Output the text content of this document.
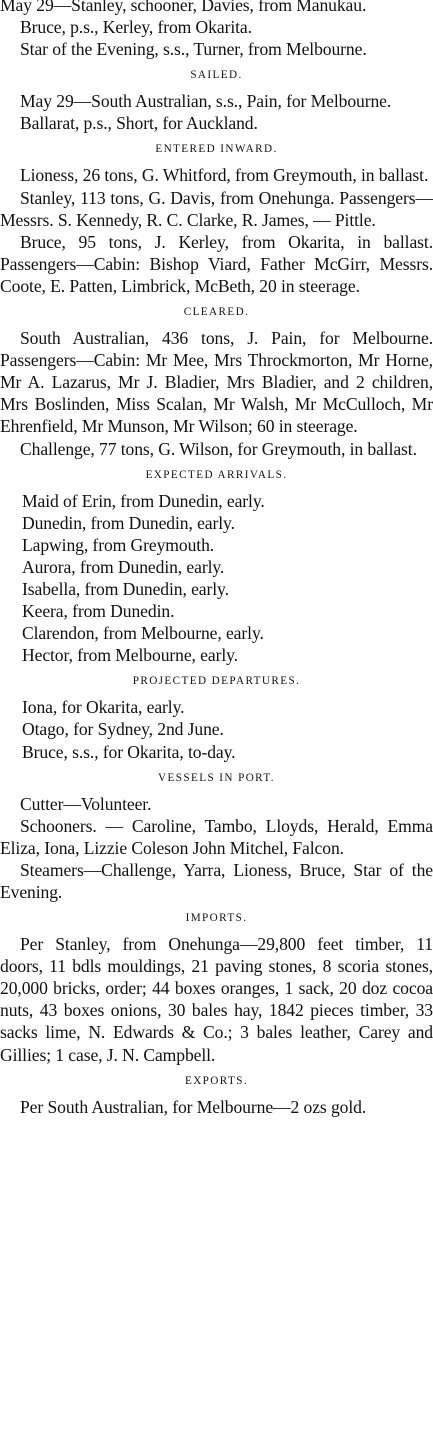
May 29—Stanley, schooner, Davies, from Manukau.

Bruce, p.s., Kerley, from Okarita.

Star of the Evening, s.s., Turner, from Melbourne.

SAILED.

May 29—South Australian, s.s., Pain, for Melbourne.

Ballarat, p.s., Short, for Auckland.

ENTERED INWARD.

Lioness, 26 tons, G. Whitford, from Greymouth, in ballast.

Stanley, 113 tons, G. Davis, from Onehunga. Passengers—Messrs. S. Kennedy, R. C. Clarke, R. James, — Pittle.

Bruce, 95 tons, J. Kerley, from Okarita, in ballast. Passengers—Cabin: Bishop Viard, Father McGirr, Messrs. Coote, E. Patten, Limbrick, McBeth, 20 in steerage.

CLEARED.

South Australian, 436 tons, J. Pain, for Melbourne. Passengers—Cabin: Mr Mee, Mrs Throckmorton, Mr Horne, Mr A. Lazarus, Mr J. Bladier, Mrs Bladier, and 2 children, Mrs Boslinden, Miss Scalan, Mr Walsh, Mr McCulloch, Mr Ehrenfield, Mr Munson, Mr Wilson; 60 in steerage.

Challenge, 77 tons, G. Wilson, for Greymouth, in ballast.

EXPECTED ARRIVALS.

Maid of Erin, from Dunedin, early.

Dunedin, from Dunedin, early.

Lapwing, from Greymouth.

Aurora, from Dunedin, early.

Isabella, from Dunedin, early.

Keera, from Dunedin.

Clarendon, from Melbourne, early.

Hector, from Melbourne, early.

PROJECTED DEPARTURES.

Iona, for Okarita, early.

Otago, for Sydney, 2nd June.

Bruce, s.s., for Okarita, to-day.

VESSELS IN PORT.

Cutter—Volunteer.

Schooners. — Caroline, Tambo, Lloyds, Herald, Emma Eliza, Iona, Lizzie Coleson John Mitchel, Falcon.

Steamers—Challenge, Yarra, Lioness, Bruce, Star of the Evening.

IMPORTS.

Per Stanley, from Onehunga—29,800 feet timber, 11 doors, 11 bdls mouldings, 21 paving stones, 8 scoria stones, 20,000 bricks, order; 44 boxes oranges, 1 sack, 20 doz cocoa nuts, 43 boxes onions, 30 bales hay, 1842 pieces timber, 33 sacks lime, N. Edwards & Co.; 3 bales leather, Carey and Gillies; 1 case, J. N. Campbell.

EXPORTS.

Per South Australian, for Melbourne—2 ozs gold.
